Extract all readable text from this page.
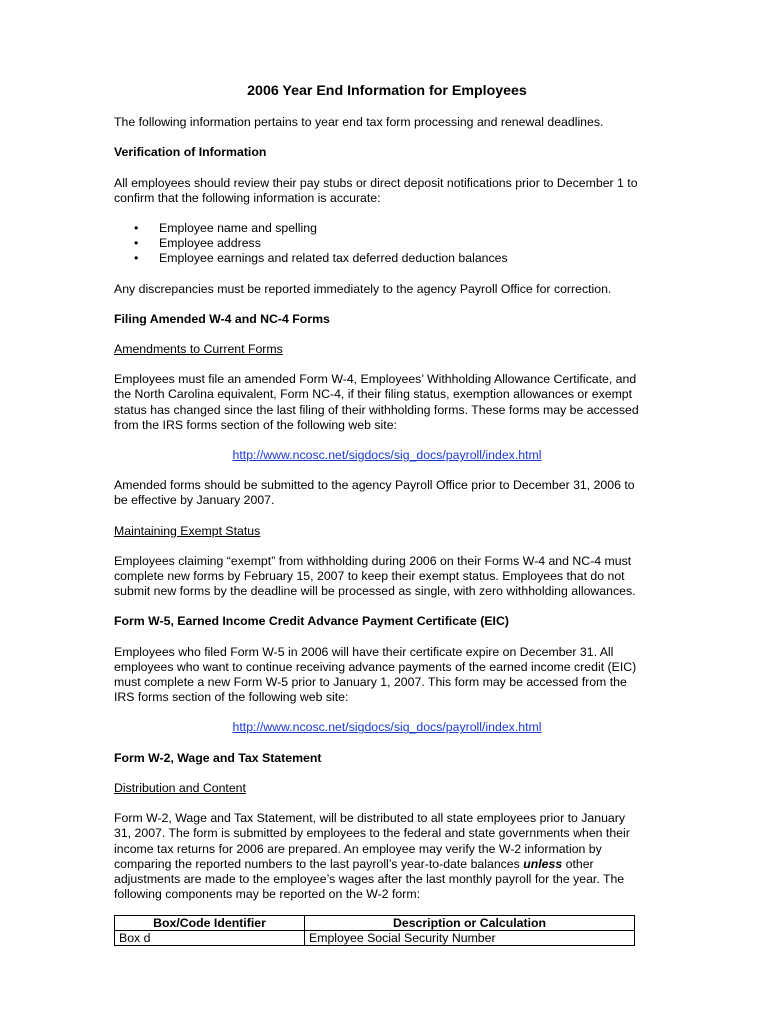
2006 Year End Information for Employees

The following information pertains to year end tax form processing and renewal deadlines.

Verification of Information

All employees should review their pay stubs or direct deposit notifications prior to December 1 to confirm that the following information is accurate:

• Employee name and spelling
• Employee address
• Employee earnings and related tax deferred deduction balances

Any discrepancies must be reported immediately to the agency Payroll Office for correction.

Filing Amended W-4 and NC-4 Forms
Amendments to Current Forms

Employees must file an amended Form W-4, Employees’ Withholding Allowance Certificate, and the North Carolina equivalent, Form NC-4, if their filing status, exemption allowances or exempt status has changed since the last filing of their withholding forms. These forms may be accessed from the IRS forms section of the following web site:

http://www.ncosc.net/sigdocs/sig_docs/payroll/index.html

Amended forms should be submitted to the agency Payroll Office prior to December 31, 2006 to be effective by January 2007.

Maintaining Exempt Status

Employees claiming “exempt” from withholding during 2006 on their Forms W-4 and NC-4 must complete new forms by February 15, 2007 to keep their exempt status. Employees that do not submit new forms by the deadline will be processed as single, with zero withholding allowances.

Form W-5, Earned Income Credit Advance Payment Certificate (EIC)

Employees who filed Form W-5 in 2006 will have their certificate expire on December 31. All employees who want to continue receiving advance payments of the earned income credit (EIC) must complete a new Form W-5 prior to January 1, 2007. This form may be accessed from the IRS forms section of the following web site:

http://www.ncosc.net/sigdocs/sig_docs/payroll/index.html
Form W-2, Wage and Tax Statement
Distribution and Content

Form W-2, Wage and Tax Statement, will be distributed to all state employees prior to January 31, 2007. The form is submitted by employees to the federal and state governments when their income tax returns for 2006 are prepared. An employee may verify the W-2 information by comparing the reported numbers to the last payroll’s year-to-date balances unless other adjustments are made to the employee’s wages after the last monthly payroll for the year. The following components may be reported on the W-2 form:

Box/Code Identifier	Description or Calculation
Box d	Employee Social Security Number
